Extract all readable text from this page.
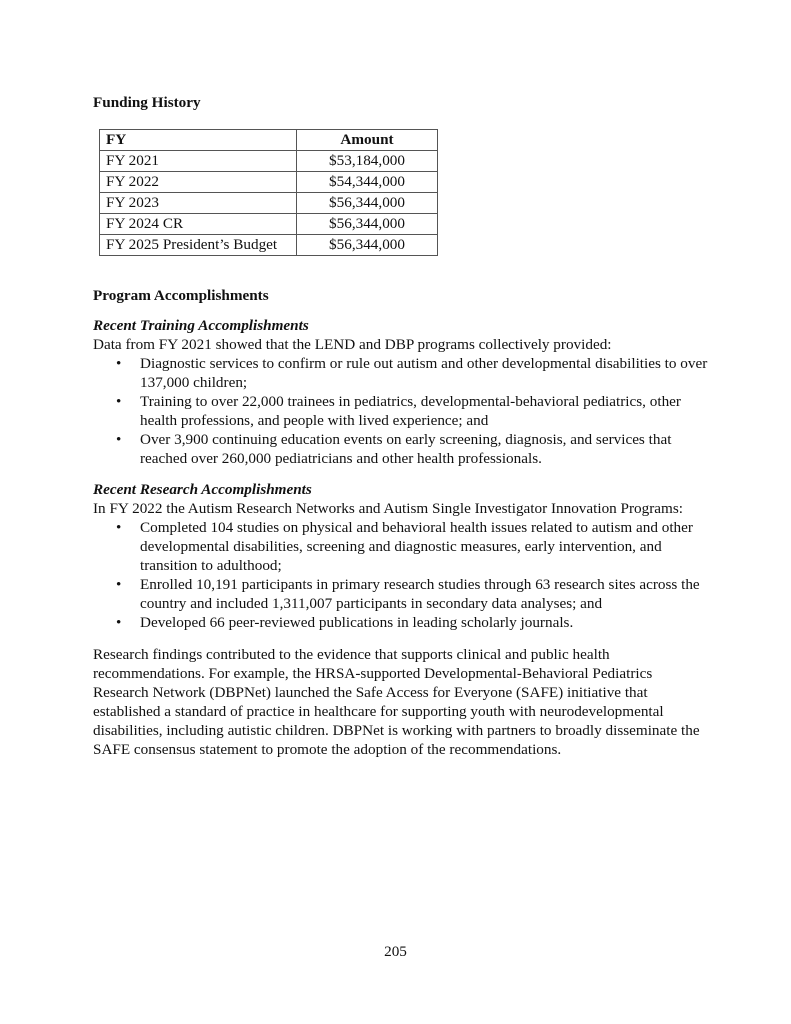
Funding History
FY	Amount
FY 2021	$53,184,000
FY 2022	$54,344,000
FY 2023	$56,344,000
FY 2024 CR	$56,344,000
FY 2025 President’s Budget	$56,344,000
Program Accomplishments
Recent Training Accomplishments
Data from FY 2021 showed that the LEND and DBP programs collectively provided:
• Diagnostic services to confirm or rule out autism and other developmental disabilities to over 137,000 children;
• Training to over 22,000 trainees in pediatrics, developmental-behavioral pediatrics, other health professions, and people with lived experience; and
• Over 3,900 continuing education events on early screening, diagnosis, and services that reached over 260,000 pediatricians and other health professionals.
Recent Research Accomplishments
In FY 2022 the Autism Research Networks and Autism Single Investigator Innovation Programs:
• Completed 104 studies on physical and behavioral health issues related to autism and other developmental disabilities, screening and diagnostic measures, early intervention, and transition to adulthood;
• Enrolled 10,191 participants in primary research studies through 63 research sites across the country and included 1,311,007 participants in secondary data analyses; and
• Developed 66 peer-reviewed publications in leading scholarly journals.
Research findings contributed to the evidence that supports clinical and public health recommendations. For example, the HRSA-supported Developmental-Behavioral Pediatrics Research Network (DBPNet) launched the Safe Access for Everyone (SAFE) initiative that established a standard of practice in healthcare for supporting youth with neurodevelopmental disabilities, including autistic children. DBPNet is working with partners to broadly disseminate the SAFE consensus statement to promote the adoption of the recommendations.
205
